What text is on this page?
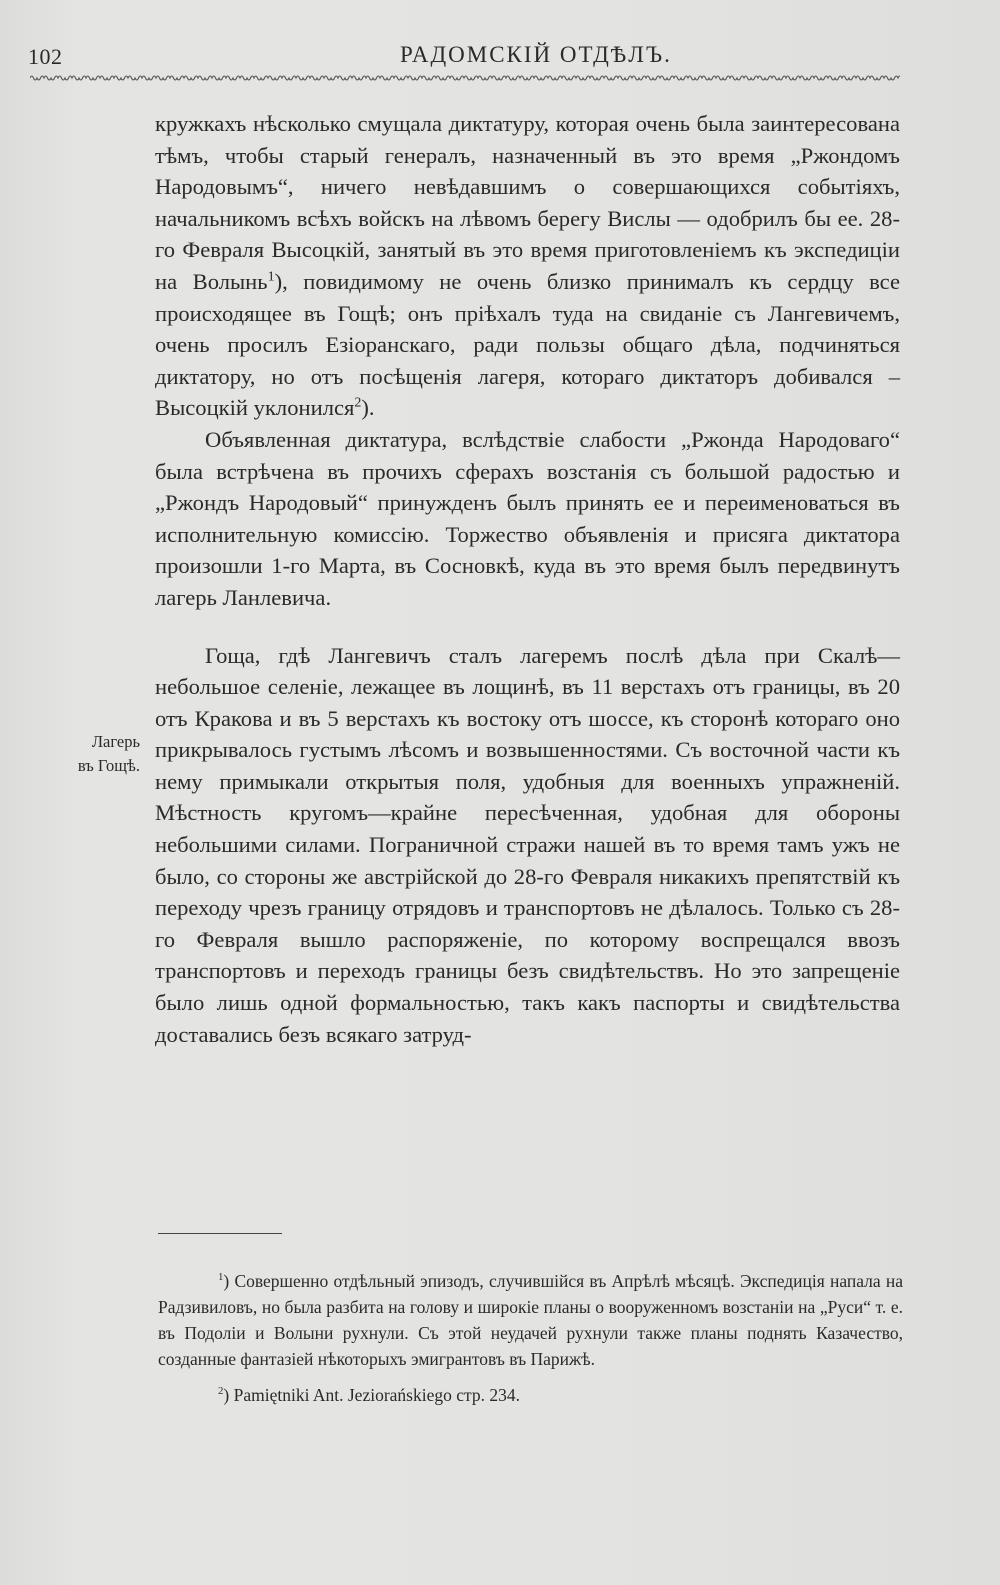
102	РАДОМСКІЙ ОТДѢЛЪ.
Лагерь
въ Гощѣ.

кружкахъ нѣсколько смущала диктатуру, которая очень была заинтересована тѣмъ, чтобы старый генералъ, назначенный въ это время „Ржондомъ Народовымъ“, ничего невѣдавшимъ о совершающихся событіяхъ, начальникомъ всѣхъ войскъ на лѣвомъ берегу Вислы — одобрилъ бы ее. 28-го Февраля Высоцкій, занятый въ это время приготовленіемъ къ экспедиціи на Волынь$^1$), повидимому не очень близко принималъ къ сердцу все происходящее въ Гощѣ; онъ пріѣхалъ туда на свиданіе съ Лангевичемъ, очень просилъ Езіоранскаго, ради пользы общаго дѣла, подчиняться диктатору, но отъ посѣщенія лагеря, которaго диктаторъ добивался – Высоцкій уклонился$^2$).

Объявленная диктатура, вслѣдствіе слабости „Ржонда Народоваго“ была встрѣчена въ прочихъ сферахъ возстанія съ большой радостью и „Ржондъ Народовый“ принужденъ былъ принять ее и переименоваться въ исполнительную комиссію. Торжество объявленія и присяга диктатора произошли 1-го Марта, въ Сосновкѣ, куда въ это время былъ передвинутъ лагерь Ланлевича.

Гоща, гдѣ Лангевичъ сталъ лагеремъ послѣ дѣла при Скалѣ—небольшое селеніе, лежащее въ лощинѣ, въ 11 верстахъ отъ границы, въ 20 отъ Кракова и въ 5 верстахъ къ востоку отъ шоссе, къ сторонѣ котораго оно прикрывалось густымъ лѣсомъ и возвышенностями. Съ восточной части къ нему примыкали открытыя поля, удобныя для военныхъ упражненій. Мѣстность кругомъ—крайне пересѣченная, удобная для обороны небольшими силами. Пограничной стражи нашей въ то время тамъ ужъ не было, со стороны же австрійской до 28-го Февраля никакихъ препятствій къ переходу чрезъ границу отрядовъ и транспортовъ не дѣлалось. Только съ 28-го Февраля вышло распоряженіе, по которому воспрещался ввозъ транспортовъ и переходъ границы безъ свидѣтельствъ. Но это запрещеніе было лишь одной формальностью, такъ какъ паспорты и свидѣтельства доставались безъ всякаго затруд-

$^1$) Совершенно отдѣльный эпизодъ, случившійся въ Апрѣлѣ мѣсяцѣ. Экспедиція напала на Радзивиловъ, но была разбита на голову и широкіе планы о вооруженномъ возстаніи на „Руси“ т. е. въ Подоліи и Волыни рухнули. Съ этой неудачей рухнули также планы поднять Казачество, созданные фантазіей нѣкоторыхъ эмигрантовъ въ Парижѣ.

$^2$) Pamiętniki Ant. Jeziorańskiego стр. 234.
